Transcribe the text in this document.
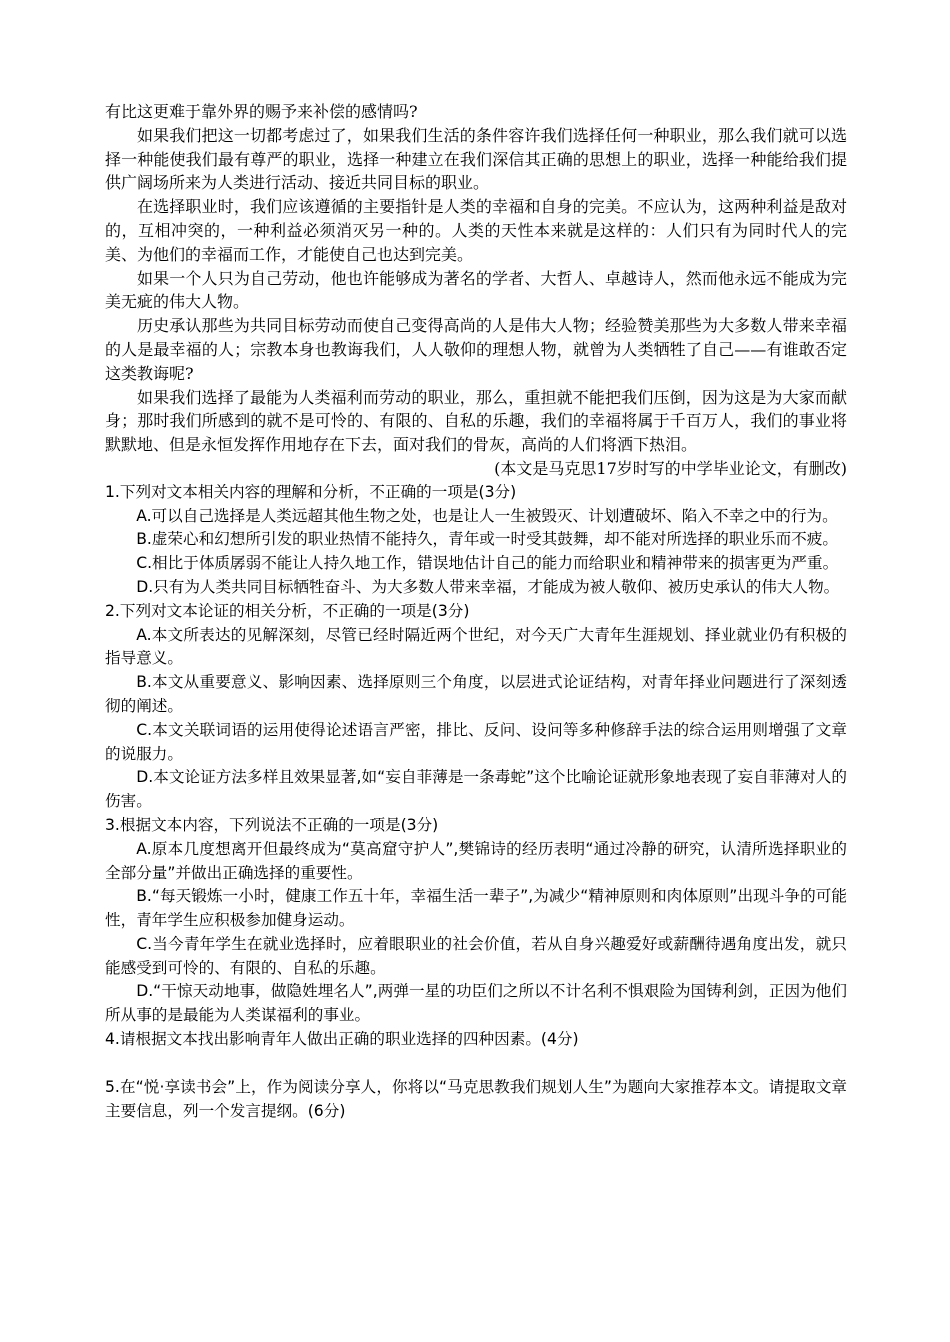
有比这更难于靠外界的赐予来补偿的感情吗?

如果我们把这一切都考虑过了，如果我们生活的条件容许我们选择任何一种职业，那么我们就可以选择一种能使我们最有尊严的职业，选择一种建立在我们深信其正确的思想上的职业，选择一种能给我们提供广阔场所来为人类进行活动、接近共同目标的职业。

在选择职业时，我们应该遵循的主要指针是人类的幸福和自身的完美。不应认为，这两种利益是敌对的，互相冲突的，一种利益必须消灭另一种的。人类的天性本来就是这样的：人们只有为同时代人的完美、为他们的幸福而工作，才能使自己也达到完美。

如果一个人只为自己劳动，他也许能够成为著名的学者、大哲人、卓越诗人，然而他永远不能成为完美无疵的伟大人物。

历史承认那些为共同目标劳动而使自己变得高尚的人是伟大人物；经验赞美那些为大多数人带来幸福的人是最幸福的人；宗教本身也教诲我们，人人敬仰的理想人物，就曾为人类牺牲了自己——有谁敢否定这类教诲呢?

如果我们选择了最能为人类福利而劳动的职业，那么，重担就不能把我们压倒，因为这是为大家而献身；那时我们所感到的就不是可怜的、有限的、自私的乐趣，我们的幸福将属于千百万人，我们的事业将默默地、但是永恒发挥作用地存在下去，面对我们的骨灰，高尚的人们将洒下热泪。

(本文是马克思17岁时写的中学毕业论文，有删改)

1.下列对文本相关内容的理解和分析，不正确的一项是(3分)

A.可以自己选择是人类远超其他生物之处，也是让人一生被毁灭、计划遭破坏、陷入不幸之中的行为。

B.虚荣心和幻想所引发的职业热情不能持久，青年或一时受其鼓舞，却不能对所选择的职业乐而不疲。

C.相比于体质孱弱不能让人持久地工作，错误地估计自己的能力而给职业和精神带来的损害更为严重。

D.只有为人类共同目标牺牲奋斗、为大多数人带来幸福，才能成为被人敬仰、被历史承认的伟大人物。

2.下列对文本论证的相关分析，不正确的一项是(3分)

A.本文所表达的见解深刻，尽管已经时隔近两个世纪，对今天广大青年生涯规划、择业就业仍有积极的指导意义。

B.本文从重要意义、影响因素、选择原则三个角度，以层进式论证结构，对青年择业问题进行了深刻透彻的阐述。

C.本文关联词语的运用使得论述语言严密，排比、反问、设问等多种修辞手法的综合运用则增强了文章的说服力。

D.本文论证方法多样且效果显著,如“妄自菲薄是一条毒蛇”这个比喻论证就形象地表现了妄自菲薄对人的伤害。

3.根据文本内容，下列说法不正确的一项是(3分)

A.原本几度想离开但最终成为“莫高窟守护人”,樊锦诗的经历表明“通过冷静的研究，认清所选择职业的全部分量”并做出正确选择的重要性。

B.“每天锻炼一小时，健康工作五十年，幸福生活一辈子”,为减少“精神原则和肉体原则”出现斗争的可能性，青年学生应积极参加健身运动。

C.当今青年学生在就业选择时，应着眼职业的社会价值，若从自身兴趣爱好或薪酬待遇角度出发，就只能感受到可怜的、有限的、自私的乐趣。

D.“干惊天动地事，做隐姓埋名人”,两弹一星的功臣们之所以不计名利不惧艰险为国铸利剑，正因为他们所从事的是最能为人类谋福利的事业。

4.请根据文本找出影响青年人做出正确的职业选择的四种因素。(4分)

5.在“悦·享读书会”上，作为阅读分享人，你将以“马克思教我们规划人生”为题向大家推荐本文。请提取文章主要信息，列一个发言提纲。(6分)
